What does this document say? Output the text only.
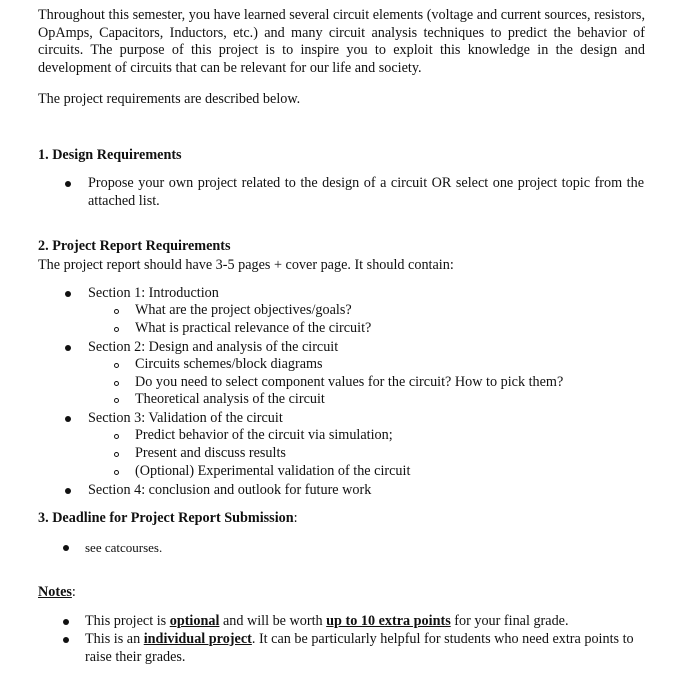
Throughout this semester, you have learned several circuit elements (voltage and current sources, resistors, OpAmps, Capacitors, Inductors, etc.) and many circuit analysis techniques to predict the behavior of circuits. The purpose of this project is to inspire you to exploit this knowledge in the design and development of circuits that can be relevant for our life and society.

The project requirements are described below.

1. Design Requirements

Propose your own project related to the design of a circuit OR select one project topic from the attached list.

2. Project Report Requirements

The project report should have 3-5 pages + cover page. It should contain:

Section 1: Introduction

What are the project objectives/goals?

What is practical relevance of the circuit?

Section 2: Design and analysis of the circuit

Circuits schemes/block diagrams

Do you need to select component values for the circuit? How to pick them?

Theoretical analysis of the circuit

Section 3: Validation of the circuit

Predict behavior of the circuit via simulation;

Present and discuss results

(Optional) Experimental validation of the circuit

Section 4: conclusion and outlook for future work

3. Deadline for Project Report Submission:

see catcourses.

Notes:

This project is optional and will be worth up to 10 extra points for your final grade.

This is an individual project. It can be particularly helpful for students who need extra points to raise their grades.
